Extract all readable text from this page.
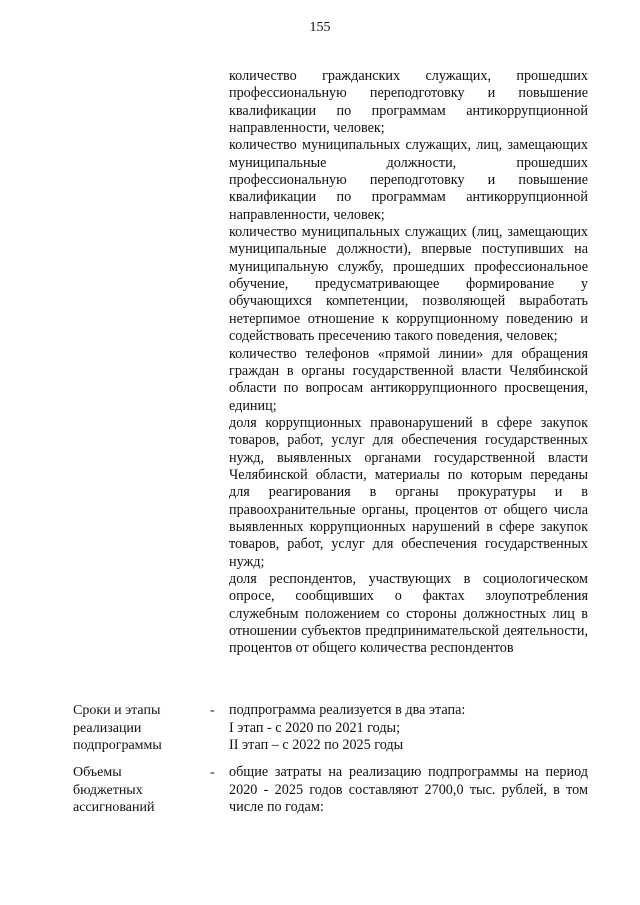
155

количество гражданских служащих, прошедших профессиональную переподготовку и повышение квалификации по программам антикоррупционной направленности, человек;

количество муниципальных служащих, лиц, замещающих муниципальные должности, прошедших профессиональную переподготовку и повышение квалификации по программам антикоррупционной направленности, человек;

количество муниципальных служащих (лиц, замещающих муниципальные должности), впервые поступивших на муниципальную службу, прошедших профессиональное обучение, предусматривающее формирование у обучающихся компетенции, позволяющей выработать нетерпимое отношение к коррупционному поведению и содействовать пресечению такого поведения, человек;

количество телефонов «прямой линии» для обращения граждан в органы государственной власти Челябинской области по вопросам антикоррупционного просвещения, единиц;

доля коррупционных правонарушений в сфере закупок товаров, работ, услуг для обеспечения государственных нужд, выявленных органами государственной власти Челябинской области, материалы по которым переданы для реагирования в органы прокуратуры и в правоохранительные органы, процентов от общего числа выявленных коррупционных нарушений в сфере закупок товаров, работ, услуг для обеспечения государственных нужд;

доля респондентов, участвующих в социологическом опросе, сообщивших о фактах злоупотребления служебным положением со стороны должностных лиц в отношении субъектов предпринимательской деятельности, процентов от общего количества респондентов

Сроки и этапы
реализации
подпрограммы
- подпрограмма реализуется в два этапа:

I этап - с 2020 по 2021 годы;

II этап – с 2022 по 2025 годы

Объемы
бюджетных
ассигнований
- общие затраты на реализацию подпрограммы на период 2020 - 2025 годов составляют 2700,0 тыс. рублей, в том числе по годам:
